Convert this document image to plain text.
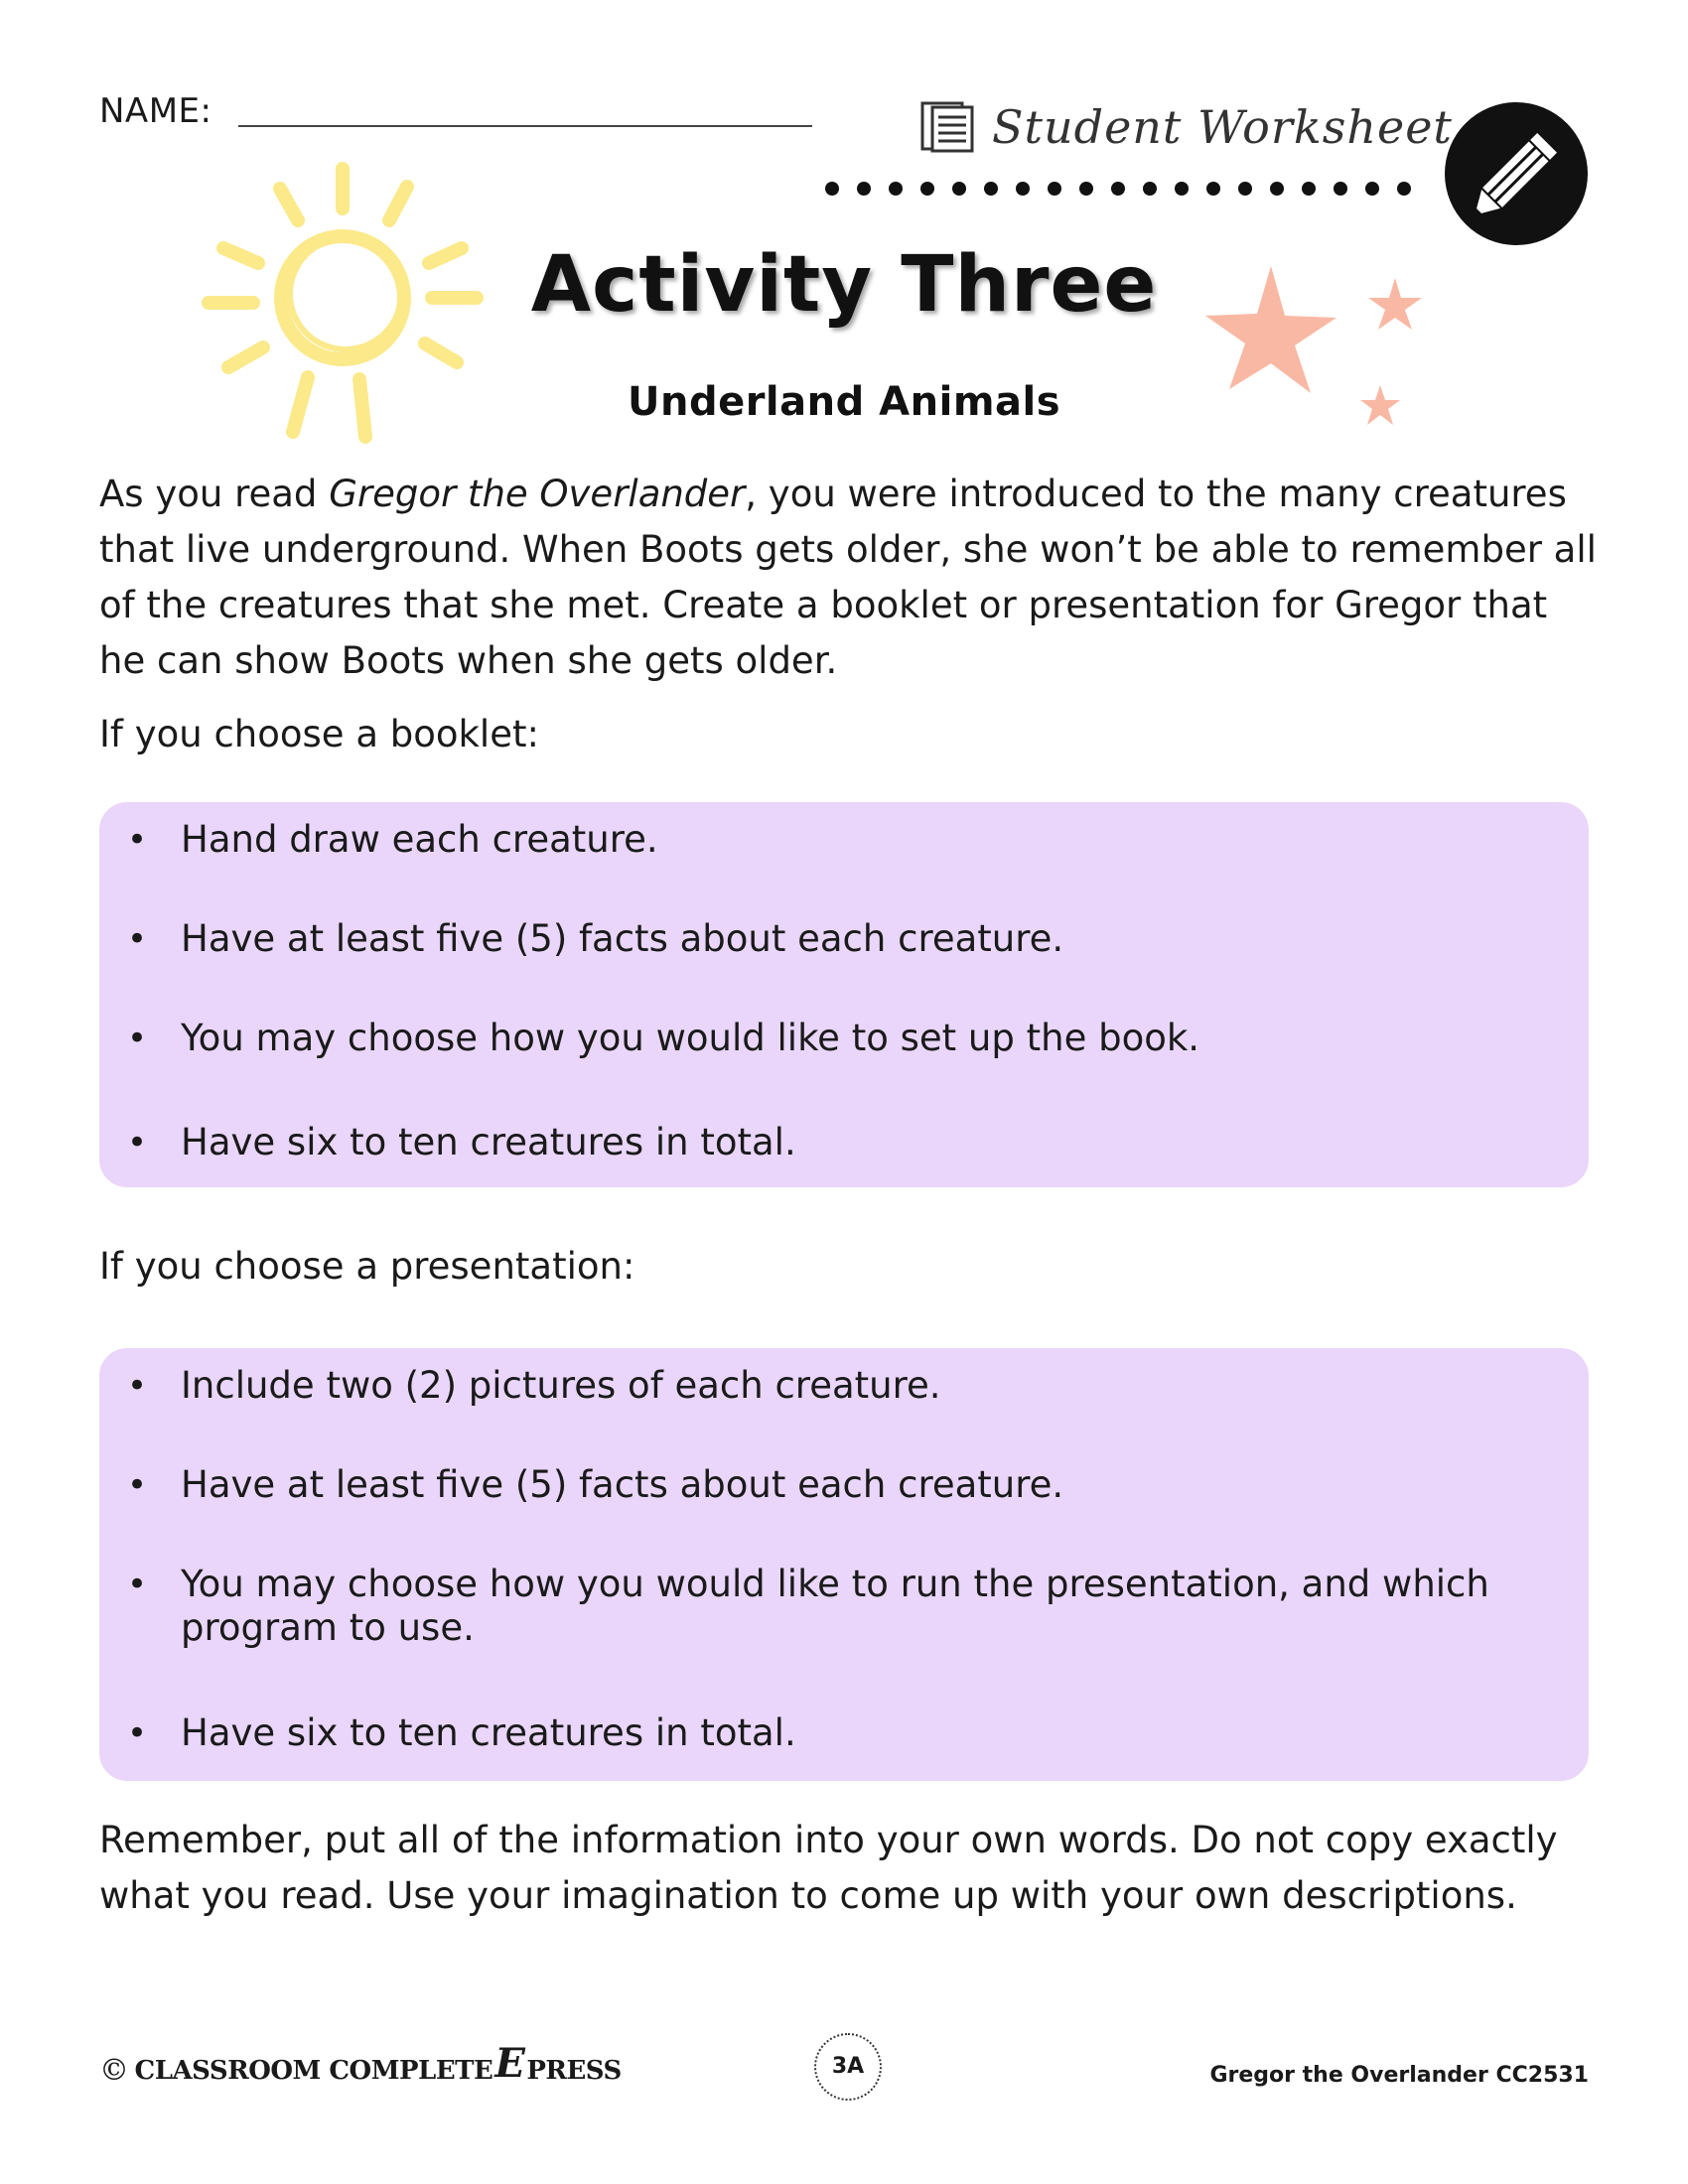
NAME:	Student Worksheet
Activity Three
Underland Animals

As you read Gregor the Overlander, you were introduced to the many creatures that live underground. When Boots gets older, she won’t be able to remember all of the creatures that she met. Create a booklet or presentation for Gregor that he can show Boots when she gets older.

If you choose a booklet:
• Hand draw each creature.
• Have at least five (5) facts about each creature.
• You may choose how you would like to set up the book.
• Have six to ten creatures in total.
If you choose a presentation:
• Include two (2) pictures of each creature.
• Have at least five (5) facts about each creature.
• You may choose how you would like to run the presentation, and which program to use.
• Have six to ten creatures in total.

Remember, put all of the information into your own words. Do not copy exactly what you read. Use your imagination to come up with your own descriptions.

© CLASSROOM COMPLETE E PRESS	3A	Gregor the Overlander CC2531
